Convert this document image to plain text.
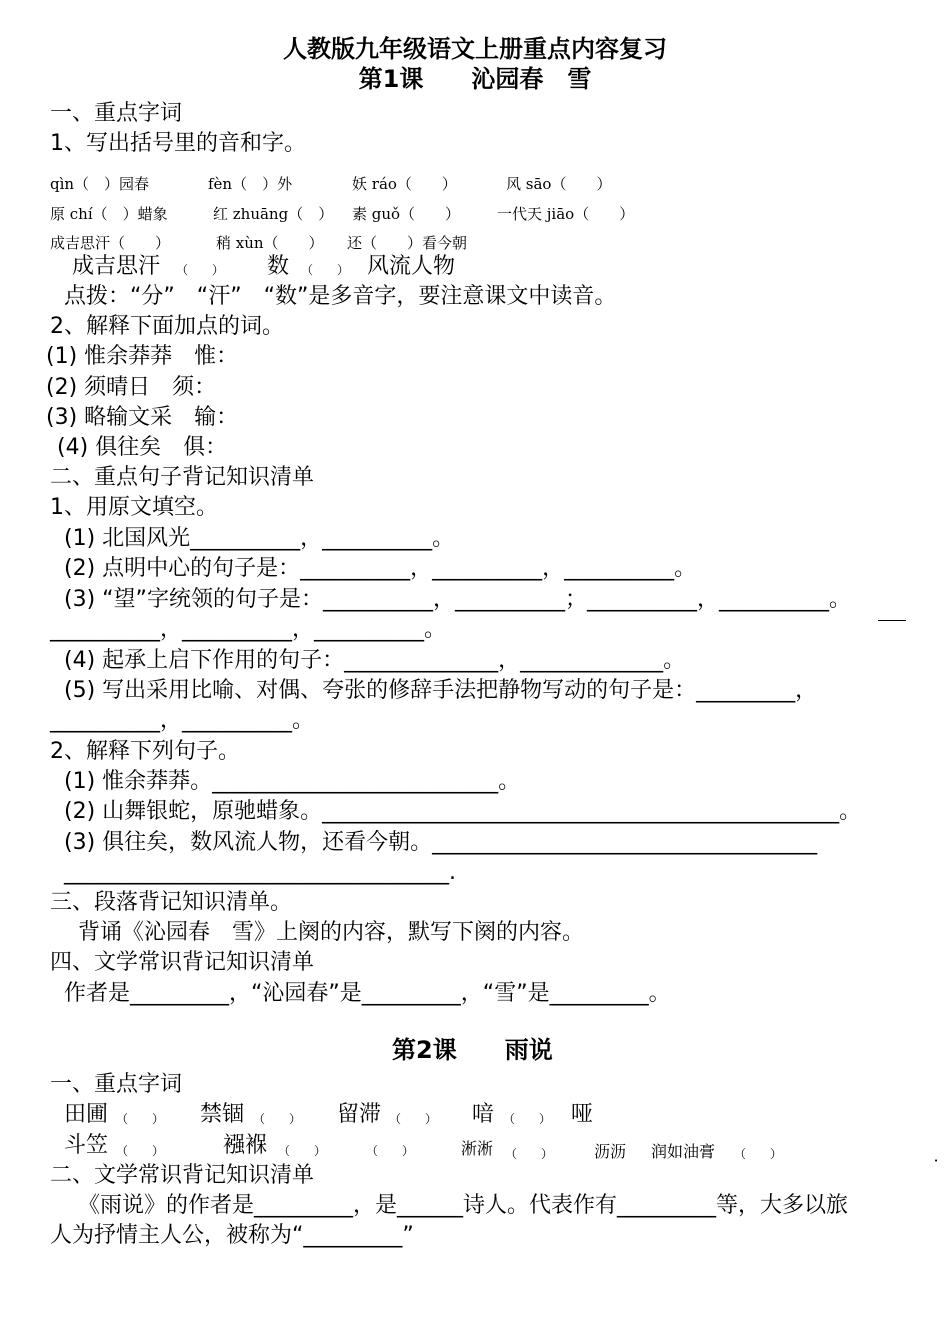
人教版九年级语文上册重点内容复习
第1课　　沁园春　雪
一、重点字词
1、写出括号里的音和字。
qìn（　）园春	fèn（　）外	妖 ráo（　　）	风 sāo（　　）
原 chí（　）蜡象	红 zhuāng（　） 素 guǒ（　　） 一代天 jiāo（　　）
成吉思汗（　　）	稍 xùn（　　） 还（　　）看今朝
成吉思汗 （　　） 数 （　　） 风流人物
点拨：“分”　“汗”　“数”是多音字，要注意课文中读音。
2、解释下面加点的词。
(1) 惟余莽莽　惟：
(2) 须晴日　须：
(3) 略输文采　输：
(4) 俱往矣　俱：
二、重点句子背记知识清单
1、用原文填空。
(1) 北国风光__________，__________。
(2) 点明中心的句子是：__________，__________，__________。
(3) “望”字统领的句子是：__________，__________；__________，__________。
__________，__________，__________。
(4) 起承上启下作用的句子：______________，_____________。
(5) 写出采用比喻、对偶、夸张的修辞手法把静物写动的句子是：_________，
__________，__________。
2、解释下列句子。
(1) 惟余莽莽。__________________________。
(2) 山舞银蛇，原驰蜡象。_______________________________________________。
(3) 俱往矣，数风流人物，还看今朝。___________________________________
___________________________________.
三、段落背记知识清单。
背诵《沁园春　雪》上阕的内容，默写下阕的内容。
四、文学常识背记知识清单
作者是_________，“沁园春”是_________，“雪”是_________。
第2课　　雨说
一、重点字词
田圃 （　　） 禁锢 （　　） 留滞 （　　） 喑 （　　） 哑
斗笠 （　　）	襁褓 （　　）	（　　）	淅淅 · （　　）	沥沥 润如油膏 （　　）
二、文学常识背记知识清单
《雨说》的作者是_________，是______诗人。代表作有_________等，大多以旅
人为抒情主人公，被称为“_________”
